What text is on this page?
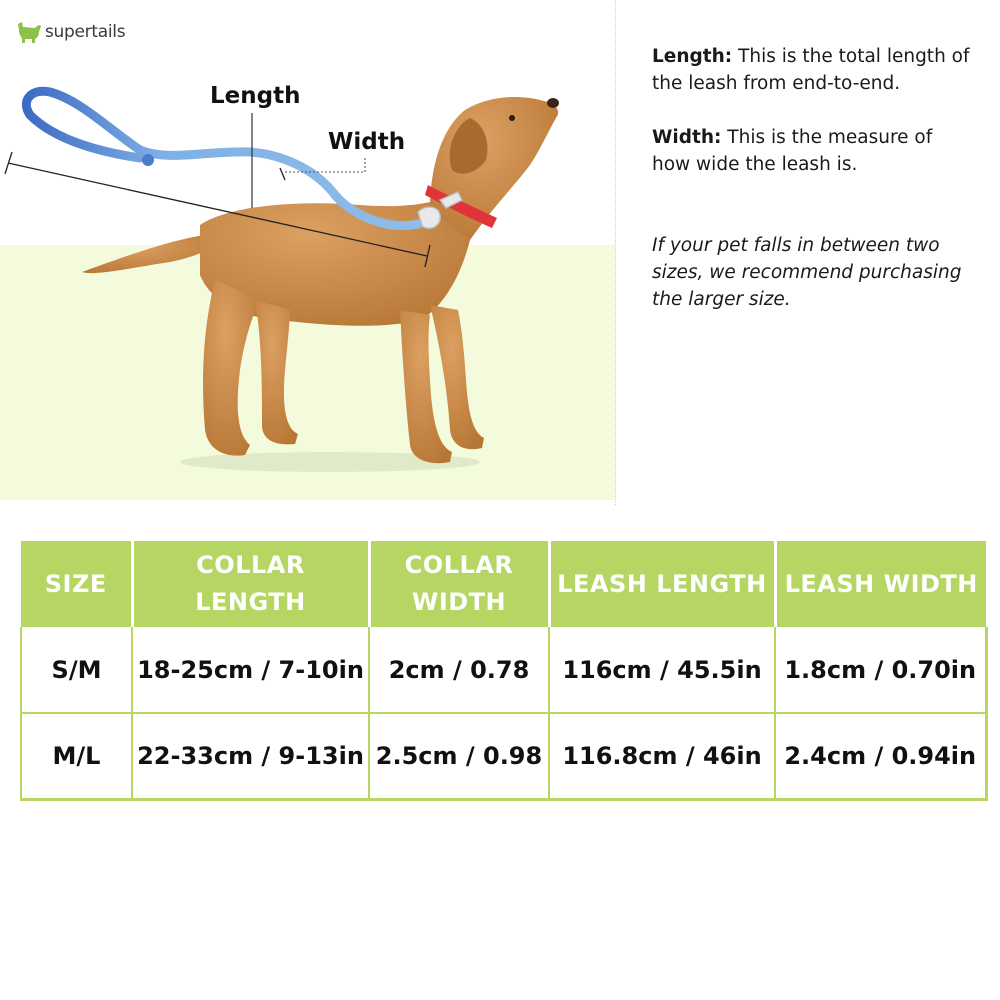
supertails
Length
Width

Length: This is the total length of the leash from end-to-end.

Width: This is the measure of how wide the leash is.

If your pet falls in between two sizes, we recommend purchasing the larger size.

SIZE	COLLAR LENGTH	COLLAR WIDTH	LEASH LENGTH	LEASH WIDTH
S/M	18-25cm / 7-10in	2cm / 0.78	116cm / 45.5in	1.8cm / 0.70in
M/L	22-33cm / 9-13in	2.5cm / 0.98	116.8cm / 46in	2.4cm / 0.94in
